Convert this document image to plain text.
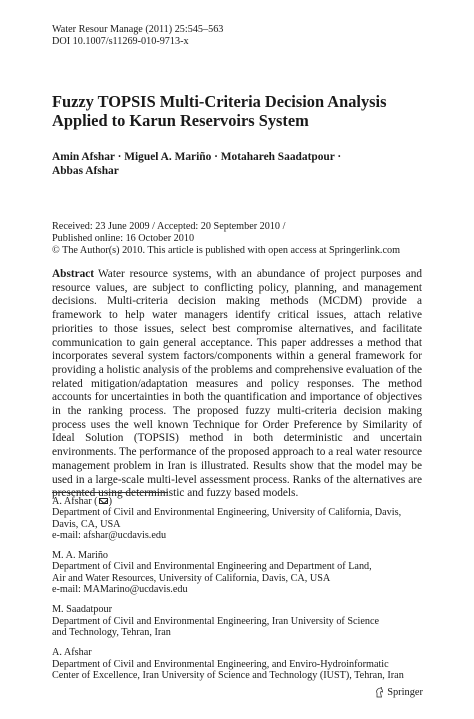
Water Resour Manage (2011) 25:545–563
DOI 10.1007/s11269-010-9713-x
Fuzzy TOPSIS Multi-Criteria Decision Analysis
Applied to Karun Reservoirs System
Amin Afshar · Miguel A. Mariño · Motahareh Saadatpour ·
Abbas Afshar
Received: 23 June 2009 / Accepted: 20 September 2010 /
Published online: 16 October 2010
© The Author(s) 2010. This article is published with open access at Springerlink.com
Abstract Water resource systems, with an abundance of project purposes and resource values, are subject to conflicting policy, planning, and management decisions. Multi-criteria decision making methods (MCDM) provide a framework to help water managers identify critical issues, attach relative priorities to those issues, select best compromise alternatives, and facilitate communication to gain general acceptance. This paper addresses a method that incorporates several system factors/components within a general framework for providing a holistic analysis of the problems and comprehensive evaluation of the related mitigation/adaptation measures and policy responses. The method accounts for uncertainties in both the quantification and importance of objectives in the ranking process. The proposed fuzzy multi-criteria decision making process uses the well known Technique for Order Preference by Similarity of Ideal Solution (TOPSIS) method in both deterministic and uncertain environments. The performance of the proposed approach to a real water resource management problem in Iran is illustrated. Results show that the model may be used in a large-scale multi-level assessment process. Ranks of the alternatives are presented using deterministic and fuzzy based models.
A. Afshar ( )
Department of Civil and Environmental Engineering, University of California, Davis,
Davis, CA, USA
e-mail: afshar@ucdavis.edu
M. A. Mariño
Department of Civil and Environmental Engineering and Department of Land,
Air and Water Resources, University of California, Davis, CA, USA
e-mail: MAMarino@ucdavis.edu
M. Saadatpour
Department of Civil and Environmental Engineering, Iran University of Science
and Technology, Tehran, Iran
A. Afshar
Department of Civil and Environmental Engineering, and Enviro-Hydroinformatic
Center of Excellence, Iran University of Science and Technology (IUST), Tehran, Iran
Springer
